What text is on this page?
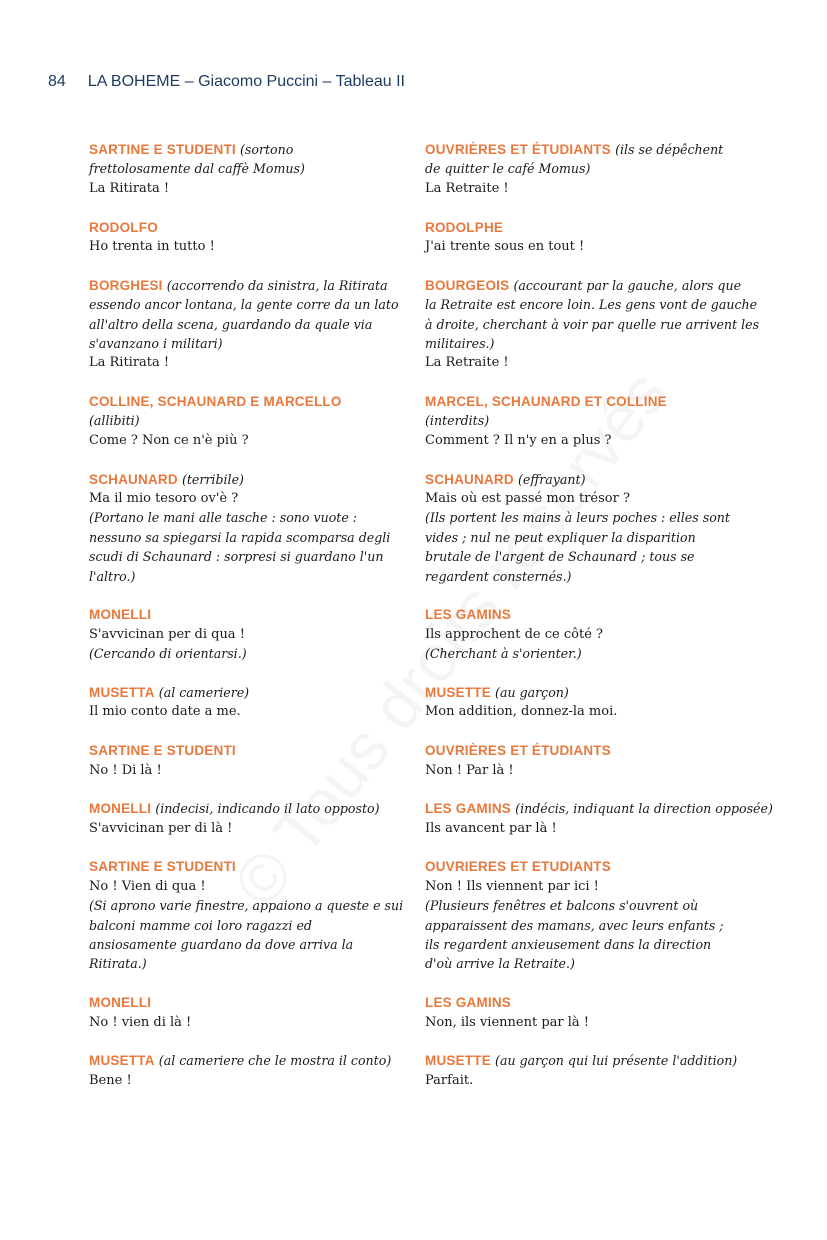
84 LA BOHEME – Giacomo Puccini – Tableau II
SARTINE E STUDENTI (sortono
frettolosamente dal caffè Momus)
La Ritirata !
RODOLFO
Ho trenta in tutto !
BORGHESI (accorrendo da sinistra, la Ritirata
essendo ancor lontana, la gente corre da un lato
all'altro della scena, guardando da quale via
s'avanzano i militari)
La Ritirata !
COLLINE, SCHAUNARD E MARCELLO
(allibiti)
Come ? Non ce n'è più ?
SCHAUNARD (terribile)
Ma il mio tesoro ov'è ?
(Portano le mani alle tasche : sono vuote :
nessuno sa spiegarsi la rapida scomparsa degli
scudi di Schaunard : sorpresi si guardano l'un
l'altro.)
MONELLI
S'avvicinan per di qua !
(Cercando di orientarsi.)
MUSETTA (al cameriere)
Il mio conto date a me.
SARTINE E STUDENTI
No ! Di là !
MONELLI (indecisi, indicando il lato opposto)
S'avvicinan per di là !
SARTINE E STUDENTI
No ! Vien di qua !
(Si aprono varie finestre, appaiono a queste e sui
balconi mamme coi loro ragazzi ed
ansiosamente guardano da dove arriva la
Ritirata.)
MONELLI
No ! vien di là !
MUSETTA (al cameriere che le mostra il conto)
Bene !
OUVRIÈRES ET ÉTUDIANTS (ils se dépêchent
de quitter le café Momus)
La Retraite !
RODOLPHE
J'ai trente sous en tout !
BOURGEOIS (accourant par la gauche, alors que
la Retraite est encore loin. Les gens vont de gauche
à droite, cherchant à voir par quelle rue arrivent les
militaires.)
La Retraite !
MARCEL, SCHAUNARD ET COLLINE
(interdits)
Comment ? Il n'y en a plus ?
SCHAUNARD (effrayant)
Mais où est passé mon trésor ?
(Ils portent les mains à leurs poches : elles sont
vides ; nul ne peut expliquer la disparition
brutale de l'argent de Schaunard ; tous se
regardent consternés.)
LES GAMINS
Ils approchent de ce côté ?
(Cherchant à s'orienter.)
MUSETTE (au garçon)
Mon addition, donnez-la moi.
OUVRIÈRES ET ÉTUDIANTS
Non ! Par là !
LES GAMINS (indécis, indiquant la direction opposée)
Ils avancent par là !
OUVRIERES ET ETUDIANTS
Non ! Ils viennent par ici !
(Plusieurs fenêtres et balcons s'ouvrent où
apparaissent des mamans, avec leurs enfants ;
ils regardent anxieusement dans la direction
d'où arrive la Retraite.)
LES GAMINS
Non, ils viennent par là !
MUSETTE (au garçon qui lui présente l'addition)
Parfait.
